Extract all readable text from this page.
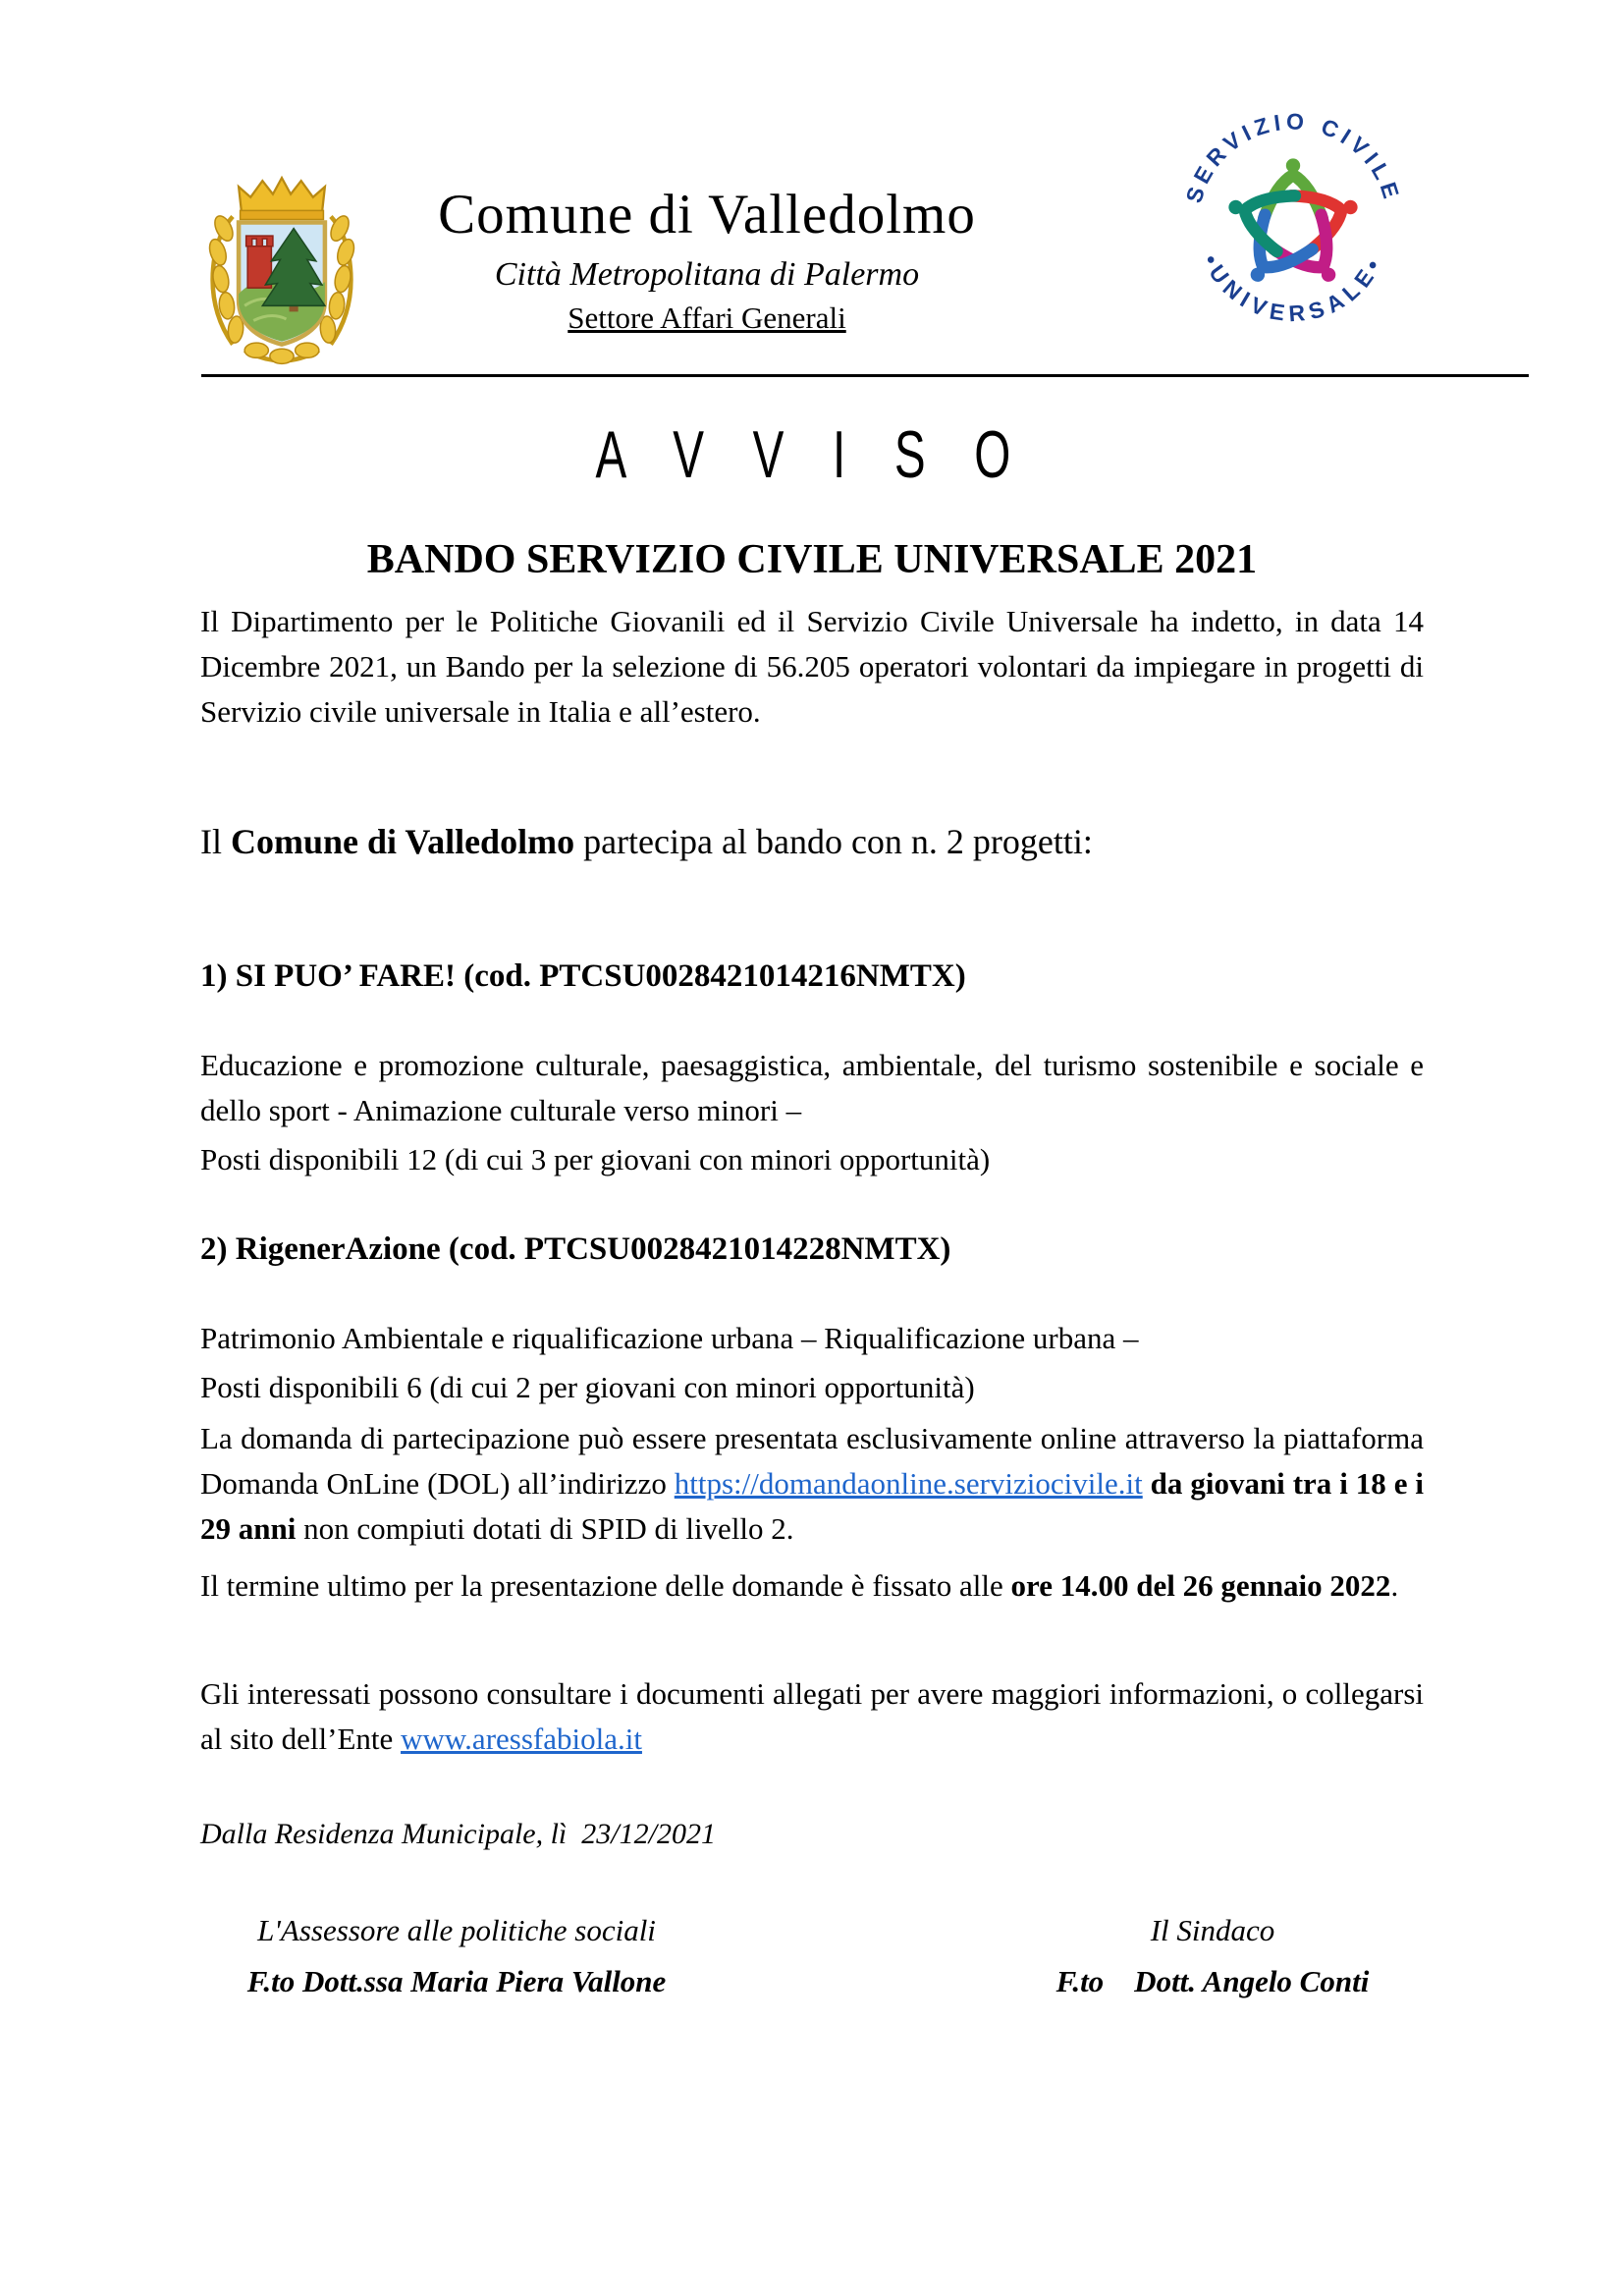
Comune di Valledolmo
Città Metropolitana di Palermo
Settore Affari Generali
SERVIZIO CIVILE
•UNIVERSALE•
A V V I S O
BANDO SERVIZIO CIVILE UNIVERSALE 2021
Il Dipartimento per le Politiche Giovanili ed il Servizio Civile Universale ha indetto, in data 14 Dicembre 2021, un Bando per la selezione di 56.205 operatori volontari da impiegare in progetti di Servizio civile universale in Italia e all’estero.
Il Comune di Valledolmo partecipa al bando con n. 2 progetti:
1) SI PUO’ FARE! (cod. PTCSU0028421014216NMTX)
Educazione e promozione culturale, paesaggistica, ambientale, del turismo sostenibile e sociale e dello sport - Animazione culturale verso minori –
Posti disponibili 12 (di cui 3 per giovani con minori opportunità)
2) RigenerAzione (cod. PTCSU0028421014228NMTX)
Patrimonio Ambientale e riqualificazione urbana – Riqualificazione urbana –
Posti disponibili 6 (di cui 2 per giovani con minori opportunità)
La domanda di partecipazione può essere presentata esclusivamente online attraverso la piattaforma Domanda OnLine (DOL) all’indirizzo https://domandaonline.serviziocivile.it da giovani tra i 18 e i 29 anni non compiuti dotati di SPID di livello 2.
Il termine ultimo per la presentazione delle domande è fissato alle ore 14.00 del 26 gennaio 2022.
Gli interessati possono consultare i documenti allegati per avere maggiori informazioni, o collegarsi al sito dell’Ente www.aressfabiola.it
Dalla Residenza Municipale, lì  23/12/2021
L'Assessore alle politiche sociali
F.to Dott.ssa Maria Piera Vallone
Il Sindaco
F.to    Dott. Angelo Conti
